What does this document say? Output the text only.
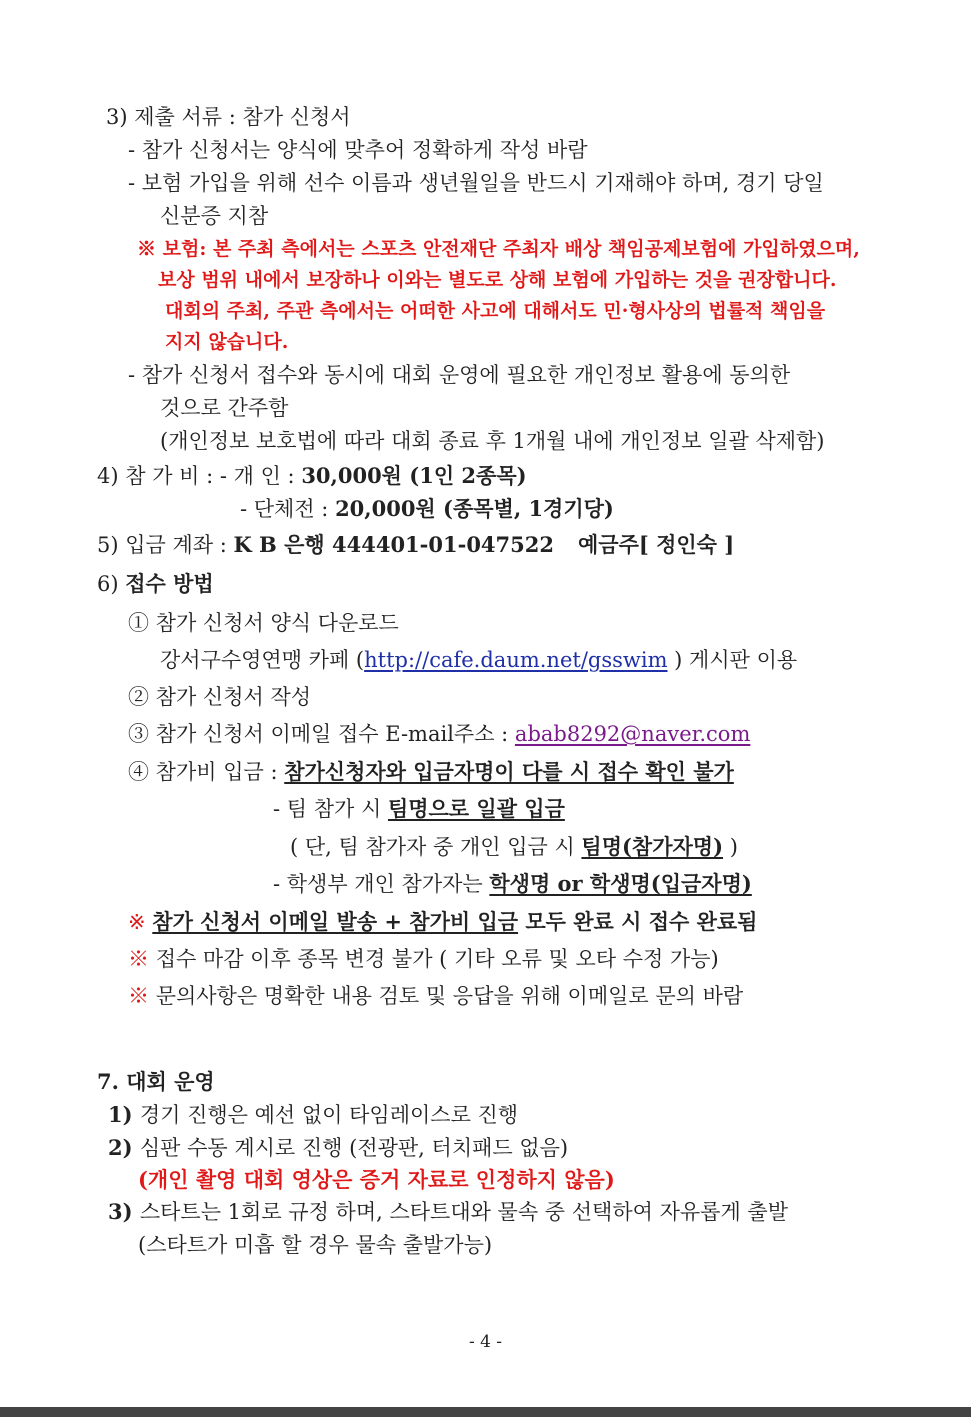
3) 제출 서류 : 참가 신청서
- 참가 신청서는 양식에 맞추어 정확하게 작성 바람
- 보험 가입을 위해 선수 이름과 생년월일을 반드시 기재해야 하며, 경기 당일
신분증 지참
※ 보험: 본 주최 측에서는 스포츠 안전재단 주최자 배상 책임공제보험에 가입하였으며,
보상 범위 내에서 보장하나 이와는 별도로 상해 보험에 가입하는 것을 권장합니다.
대회의 주최, 주관 측에서는 어떠한 사고에 대해서도 민·형사상의 법률적 책임을
지지 않습니다.
- 참가 신청서 접수와 동시에 대회 운영에 필요한 개인정보 활용에 동의한
것으로 간주함
(개인정보 보호법에 따라 대회 종료 후 1개월 내에 개인정보 일괄 삭제함)
4) 참 가 비 : - 개 인 : 30,000원 (1인 2종목)
- 단체전 : 20,000원 (종목별, 1경기당)
5) 입금 계좌 : K B 은행 444401-01-047522 예금주[ 정인숙 ]
6) 접수 방법
① 참가 신청서 양식 다운로드
강서구수영연맹 카페 (http://cafe.daum.net/gsswim ) 게시판 이용
② 참가 신청서 작성
③ 참가 신청서 이메일 접수 E-mail주소 : abab8292@naver.com
④ 참가비 입금 : 참가신청자와 입금자명이 다를 시 접수 확인 불가
- 팀 참가 시 팀명으로 일괄 입금
( 단, 팀 참가자 중 개인 입금 시 팀명(참가자명) )
- 학생부 개인 참가자는 학생명 or 학생명(입금자명)
※ 참가 신청서 이메일 발송 + 참가비 입금 모두 완료 시 접수 완료됨
※ 접수 마감 이후 종목 변경 불가 ( 기타 오류 및 오타 수정 가능)
※ 문의사항은 명확한 내용 검토 및 응답을 위해 이메일로 문의 바람
7. 대회 운영
1) 경기 진행은 예선 없이 타임레이스로 진행
2) 심판 수동 계시로 진행 (전광판, 터치패드 없음)
(개인 촬영 대회 영상은 증거 자료로 인정하지 않음)
3) 스타트는 1회로 규정 하며, 스타트대와 물속 중 선택하여 자유롭게 출발
(스타트가 미흡 할 경우 물속 출발가능)
- 4 -
